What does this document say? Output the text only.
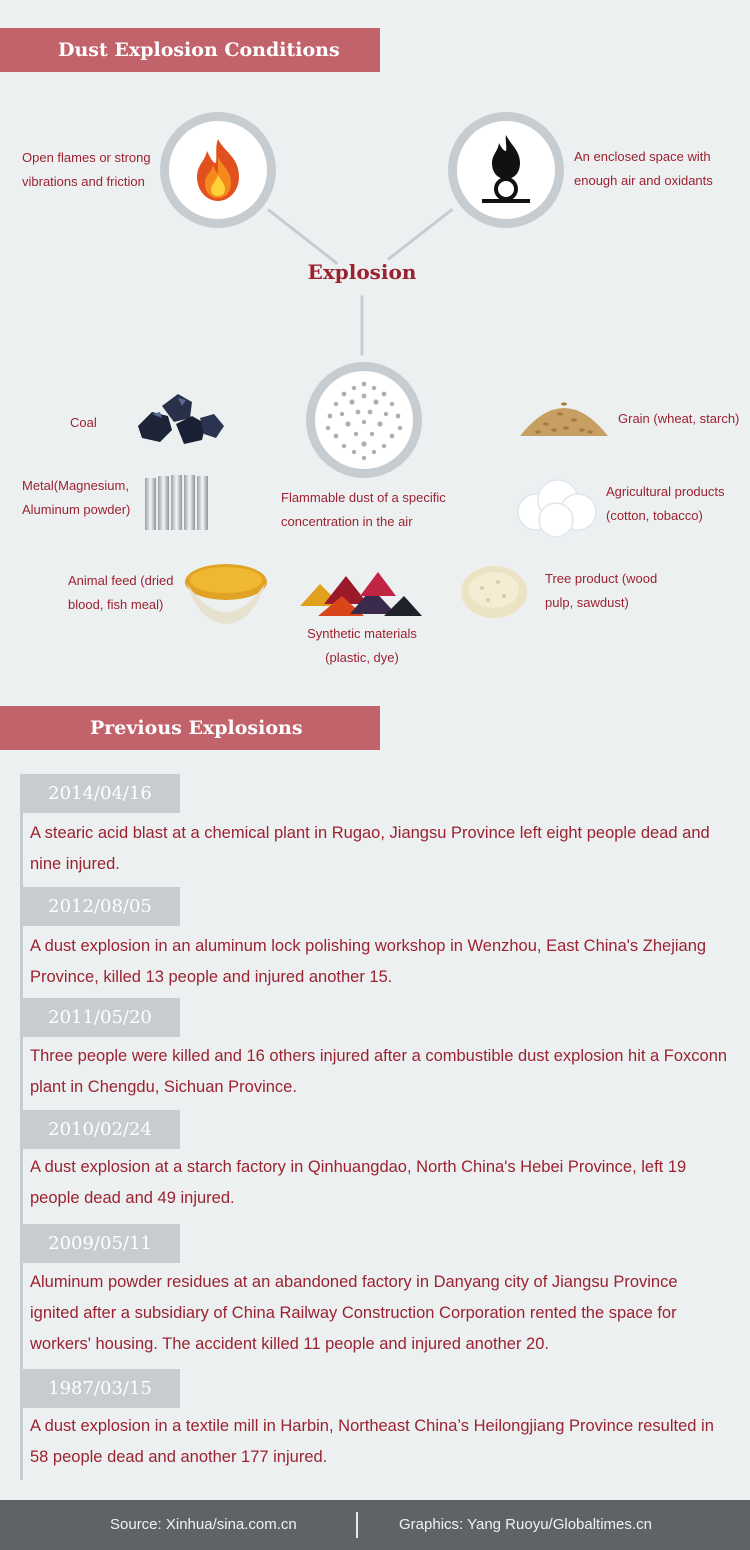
Dust Explosion Conditions
Open flames or strong
vibrations and friction
An enclosed space with
enough air and oxidants
Explosion
Flammable dust of a specific
concentration in the air
Coal
Metal(Magnesium,
Aluminum powder)
Animal feed (dried
blood, fish meal)
Synthetic materials
(plastic, dye)
Grain (wheat, starch)
Agricultural products
(cotton, tobacco)
Tree product (wood
pulp, sawdust)
Previous Explosions
2014/04/16
A stearic acid blast at a chemical plant in Rugao, Jiangsu Province left eight people dead and nine injured.
2012/08/05
A dust explosion in an aluminum lock polishing workshop in Wenzhou, East China's Zhejiang Province, killed 13 people and injured another 15.
2011/05/20
Three people were killed and 16 others injured after a combustible dust explosion hit a Foxconn plant in Chengdu, Sichuan Province.
2010/02/24
A dust explosion at a starch factory in Qinhuangdao, North China's Hebei Province, left 19 people dead and 49 injured.
2009/05/11
Aluminum powder residues at an abandoned factory in Danyang city of Jiangsu Province ignited after a subsidiary of China Railway Construction Corporation rented the space for workers' housing. The accident killed 11 people and injured another 20.
1987/03/15
A dust explosion in a textile mill in Harbin, Northeast China’s Heilongjiang Province resulted in 58 people dead and another 177 injured.
Source: Xinhua/sina.com.cn	Graphics: Yang Ruoyu/Globaltimes.cn
